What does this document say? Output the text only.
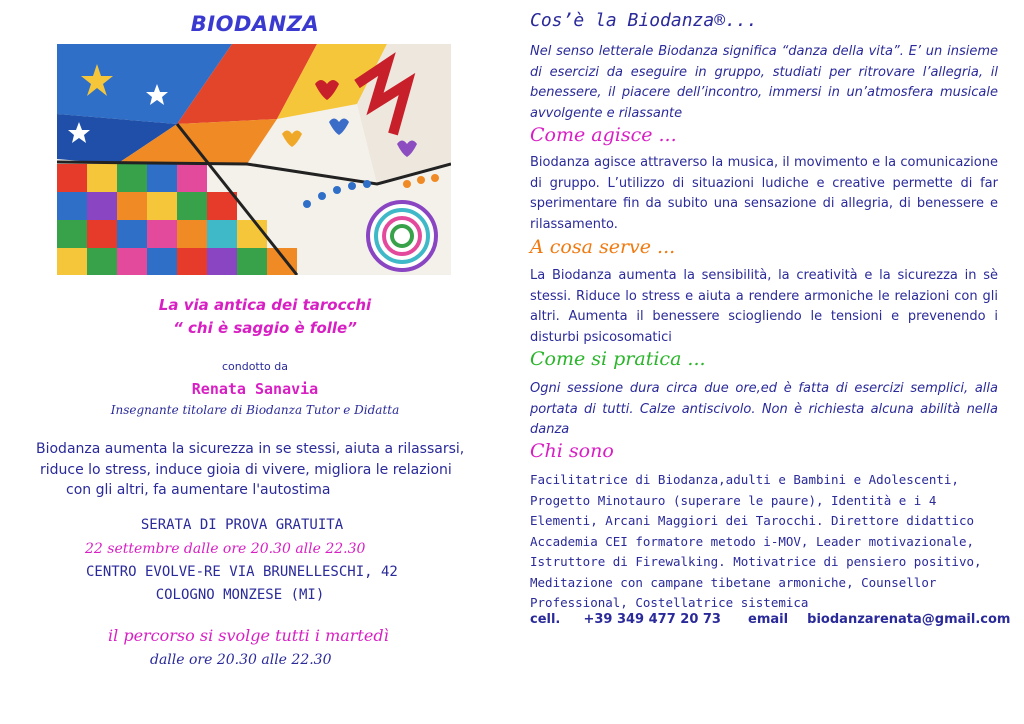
BIODANZA
La via antica dei tarocchi
“ chi è saggio è folle”
condotto da
Renata Sanavia
Insegnante titolare di Biodanza Tutor e Didatta
Biodanza aumenta la sicurezza in se stessi, aiuta a rilassarsi,
riduce lo stress, induce gioia di vivere, migliora le relazioni
con gli altri, fa aumentare l'autostima
SERATA DI PROVA GRATUITA
22 settembre dalle ore 20.30 alle 22.30
CENTRO EVOLVE-RE VIA BRUNELLESCHI, 42
COLOGNO MONZESE (MI)
il percorso si svolge tutti i martedì
dalle ore 20.30 alle 22.30
Cos’è la Biodanza®...
Nel senso letterale Biodanza significa “danza della vita”. E’ un insieme di esercizi da eseguire in gruppo, studiati per ritrovare l’allegria, il benessere, il piacere dell’incontro, immersi in un’atmosfera musicale avvolgente e rilassante
Come agisce ...
Biodanza agisce attraverso la musica, il movimento e la comunicazione di gruppo. L’utilizzo di situazioni ludiche e creative permette di far sperimentare fin da subito una sensazione di allegria, di benessere e rilassamento.
A cosa serve ...
La Biodanza aumenta la sensibilità, la creatività e la sicurezza in sè stessi. Riduce lo stress e aiuta a rendere armoniche le relazioni con gli altri. Aumenta il benessere sciogliendo le tensioni e prevenendo i disturbi psicosomatici
Come si pratica ...
Ogni sessione dura circa due ore,ed è fatta di esercizi semplici, alla portata di tutti. Calze antiscivolo. Non è richiesta alcuna abilità nella danza
Chi sono
Facilitatrice di Biodanza,adulti e Bambini e Adolescenti, Progetto Minotauro (superare le paure), Identità e i 4 Elementi, Arcani Maggiori dei Tarocchi. Direttore didattico Accademia CEI formatore metodo i-MOV, Leader motivazionale, Istruttore di Firewalking. Motivatrice di pensiero positivo, Meditazione con campane tibetane armoniche, Counsellor Professional, Costellatrice sistemica
cell. +39 349 477 20 73 email biodanzarenata@gmail.com
